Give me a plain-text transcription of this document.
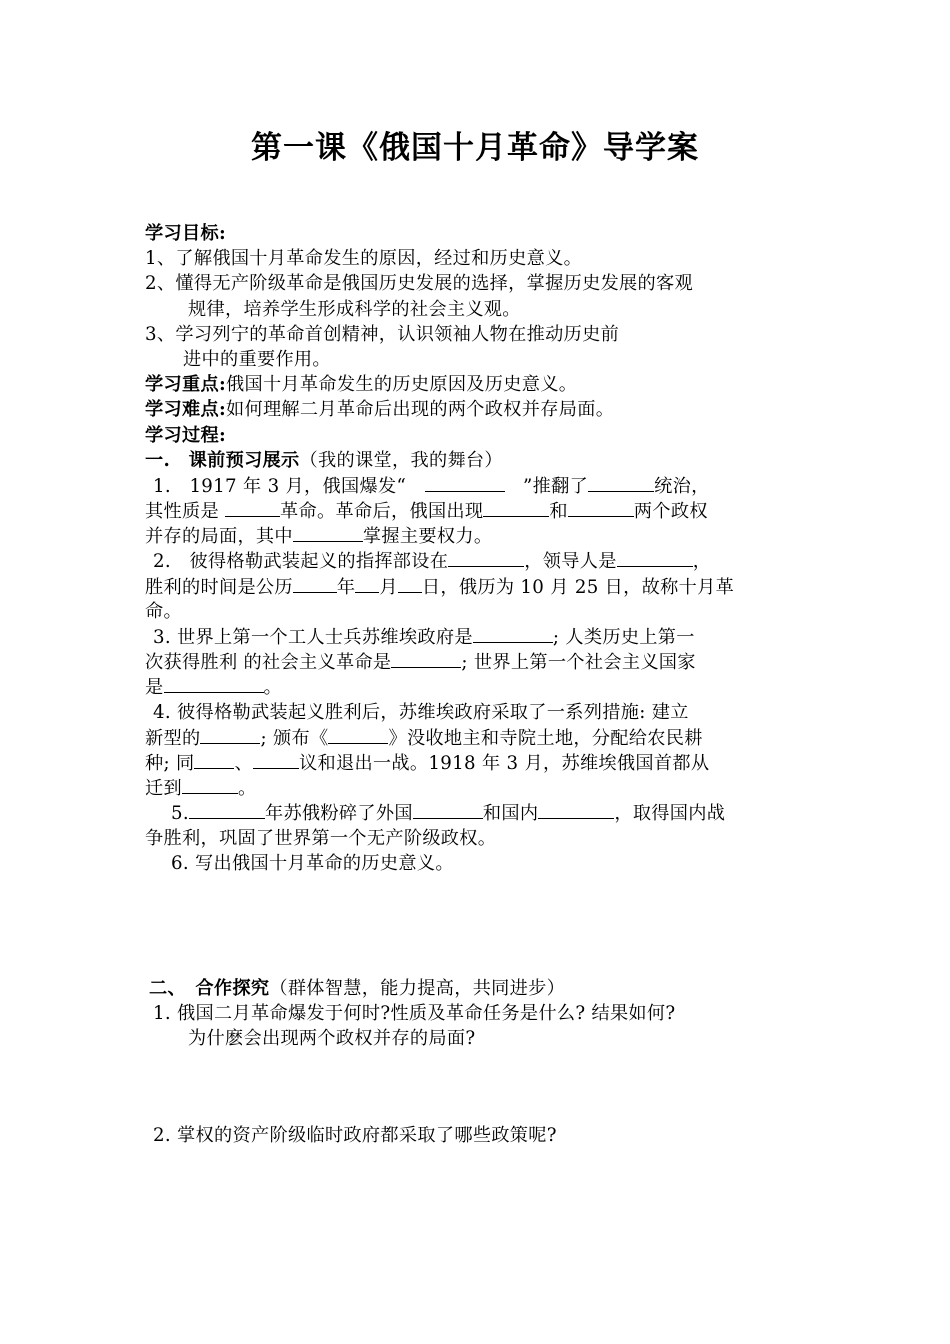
第一课《俄国十月革命》导学案
学习目标:
1、了解俄国十月革命发生的原因，经过和历史意义。
2、懂得无产阶级革命是俄国历史发展的选择，掌握历史发展的客观
规律，培养学生形成科学的社会主义观。
3、学习列宁的革命首创精神，认识领袖人物在推动历史前
进中的重要作用。
学习重点:俄国十月革命发生的历史原因及历史意义。
学习难点:如何理解二月革命后出现的两个政权并存局面。
学习过程:
一.　课前预习展示（我的课堂，我的舞台）
1.　1917 年 3 月，俄国爆发“　	　”推翻了	统治，
其性质是	革命。革命后，俄国出现	和	两个政权
并存的局面，其中	掌握主要权力。
2.　彼得格勒武装起义的指挥部设在	，领导人是	，
胜利的时间是公历 年 月 日，俄历为 10 月 25 日，故称十月革
命。
3. 世界上第一个工人士兵苏维埃政府是	; 人类历史上第一
次获得胜利 的社会主义革命是	; 世界上第一个社会主义国家
是	。
4. 彼得格勒武装起义胜利后，苏维埃政府采取了一系列措施: 建立
新型的	; 颁布《	》没收地主和寺院土地，分配给农民耕
种; 同 、	议和退出一战。1918 年 3 月，苏维埃俄国首都从
迁到	。
5.	年苏俄粉碎了外国	和国内	，取得国内战
争胜利，巩固了世界第一个无产阶级政权。
6. 写出俄国十月革命的历史意义。
二、　合作探究（群体智慧，能力提高，共同进步）
1. 俄国二月革命爆发于何时?性质及革命任务是什么? 结果如何?
为什麽会出现两个政权并存的局面?
2. 掌权的资产阶级临时政府都采取了哪些政策呢?
